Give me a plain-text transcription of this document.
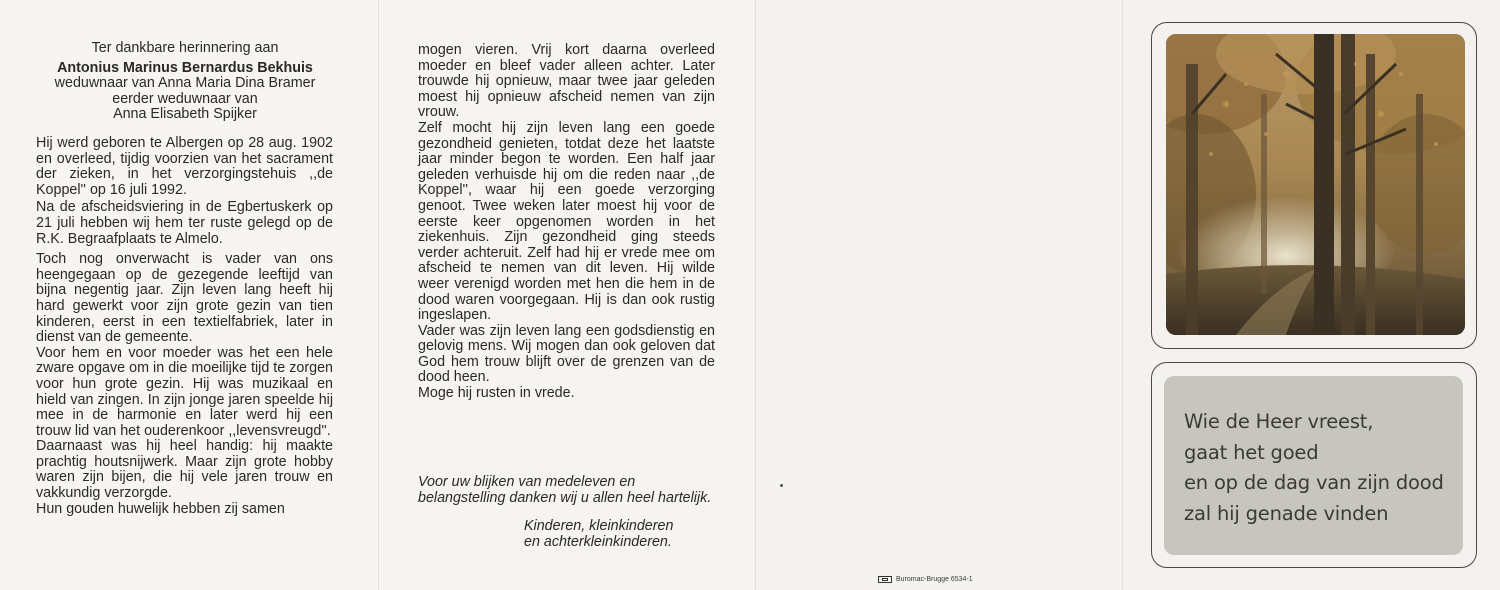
Ter dankbare herinnering aan

Antonius Marinus Bernardus Bekhuis

weduwnaar van Anna Maria Dina Bramer

eerder weduwnaar van

Anna Elisabeth Spijker

Hij werd geboren te Albergen op 28 aug. 1902 en overleed, tijdig voorzien van het sacrament der zieken, in het verzorgingstehuis ,,de Koppel'' op 16 juli 1992.

Na de afscheidsviering in de Egbertuskerk op 21 juli hebben wij hem ter ruste gelegd op de R.K. Begraafplaats te Almelo.

Toch nog onverwacht is vader van ons heengegaan op de gezegende leeftijd van bijna negentig jaar. Zijn leven lang heeft hij hard gewerkt voor zijn grote gezin van tien kinderen, eerst in een textielfabriek, later in dienst van de gemeente.

Voor hem en voor moeder was het een hele zware opgave om in die moeilijke tijd te zorgen voor hun grote gezin. Hij was muzikaal en hield van zingen. In zijn jonge jaren speelde hij mee in de harmonie en later werd hij een trouw lid van het ouderenkoor ,,levensvreugd''.

Daarnaast was hij heel handig: hij maakte prachtig houtsnijwerk. Maar zijn grote hobby waren zijn bijen, die hij vele jaren trouw en vakkundig verzorgde.

Hun gouden huwelijk hebben zij samen

mogen vieren. Vrij kort daarna overleed moeder en bleef vader alleen achter. Later trouwde hij opnieuw, maar twee jaar geleden moest hij opnieuw afscheid nemen van zijn vrouw.

Zelf mocht hij zijn leven lang een goede gezondheid genieten, totdat deze het laatste jaar minder begon te worden. Een half jaar geleden verhuisde hij om die reden naar ,,de Koppel'', waar hij een goede verzorging genoot. Twee weken later moest hij voor de eerste keer opgenomen worden in het ziekenhuis. Zijn gezondheid ging steeds verder achteruit. Zelf had hij er vrede mee om afscheid te nemen van dit leven. Hij wilde weer verenigd worden met hen die hem in de dood waren voorgegaan. Hij is dan ook rustig ingeslapen.

Vader was zijn leven lang een godsdienstig en gelovig mens. Wij mogen dan ook geloven dat God hem trouw blijft over de grenzen van de dood heen.

Moge hij rusten in vrede.

Voor uw blijken van medeleven en belangstelling danken wij u allen heel hartelijk.

Kinderen, kleinkinderen

en achterkleinkinderen.

Buromac-Brugge 6534-1
Wie de Heer vreest,
gaat het goed
en op de dag van zijn dood
zal hij genade vinden
